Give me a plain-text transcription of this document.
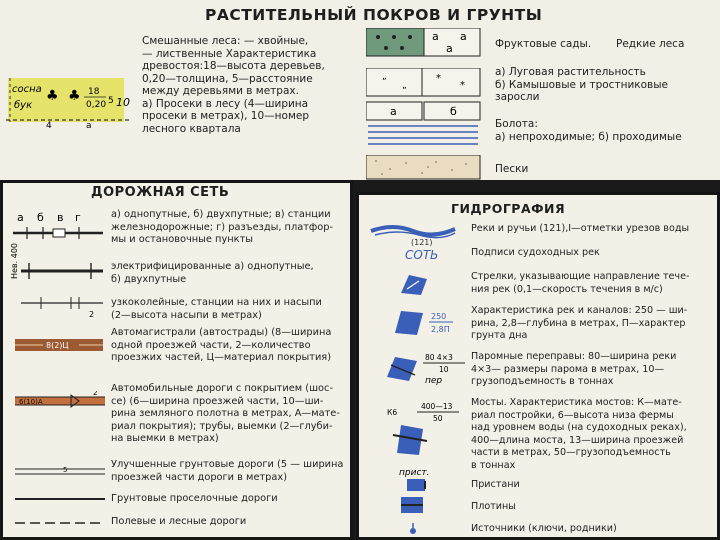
РАСТИТЕЛЬНЫЙ ПОКРОВ И ГРУНТЫ
сосна
бук
♣ ♣ 18
0,20 5 10
4	а
Смешанные леса: — хвойные,
— лиственные Характеристика
древостоя:18—высота деревьев,
0,20—толщина, 5—расстояние
между деревьями в метрах.
а) Просеки в лесу (4—ширина
просеки в метрах), 10—номер
лесного квартала
а а
а	Фруктовые сады. Редкие леса
„
„
*
*
а	б
а) Луговая растительность
б) Камышовые и тростниковые
заросли
Болота:
а) непроходимые; б) проходимые
Пески
ДОРОЖНАЯ СЕТЬ
а б в г
Нев. 400
а) однопутные, б) двухпутные; в) станции
железнодорожные; г) разъезды, платфор-
мы и остановочные пункты
электрифицированные а) однопутные,
б) двухпутные
2
узкоколейные, станции на них и насыпи
(2—высота насыпи в метрах)
8(2)Ц
Автомагистрали (автострады) (8—ширина
одной проезжей части, 2—количество
проезжих частей, Ц—материал покрытия)
6(10)А
2 Автомобильные дороги с покрытием (шос-
се) (6—ширина проезжей части, 10—ши-
рина земляного полотна в метрах, А—мате-
риал покрытия); трубы, выемки (2—глуби-
на выемки в метрах)
5	Улучшенные грунтовые дороги (5 — ширина
проезжей части дороги в метрах)
Грунтовые проселочные дороги
Полевые и лесные дороги
ГИДРОГРАФИЯ
(121)
СОТЬ
Реки и ручьи (121),I—отметки урезов воды
Подписи судоходных рек
Стрелки, указывающие направление тече-
ния рек (0,1—скорость течения в м/с)
250
2,8П
Характеристика рек и каналов: 250 — ши-
рина, 2,8—глубина в метрах, П—характер
грунта дна
80 4×3
10
пер
Паромные переправы: 80—ширина реки
4×3— размеры парома в метрах, 10—
грузоподъемность в тоннах
К6
400—13
50
Мосты. Характеристика мостов: К—мате-
риал постройки, 6—высота низа фермы
над уровнем воды (на судоходных реках),
400—длина моста, 13—ширина проезжей
части в метрах, 50—грузоподъемность
в тоннах
прист.
Пристани
Плотины
Источники (ключи, родники)
